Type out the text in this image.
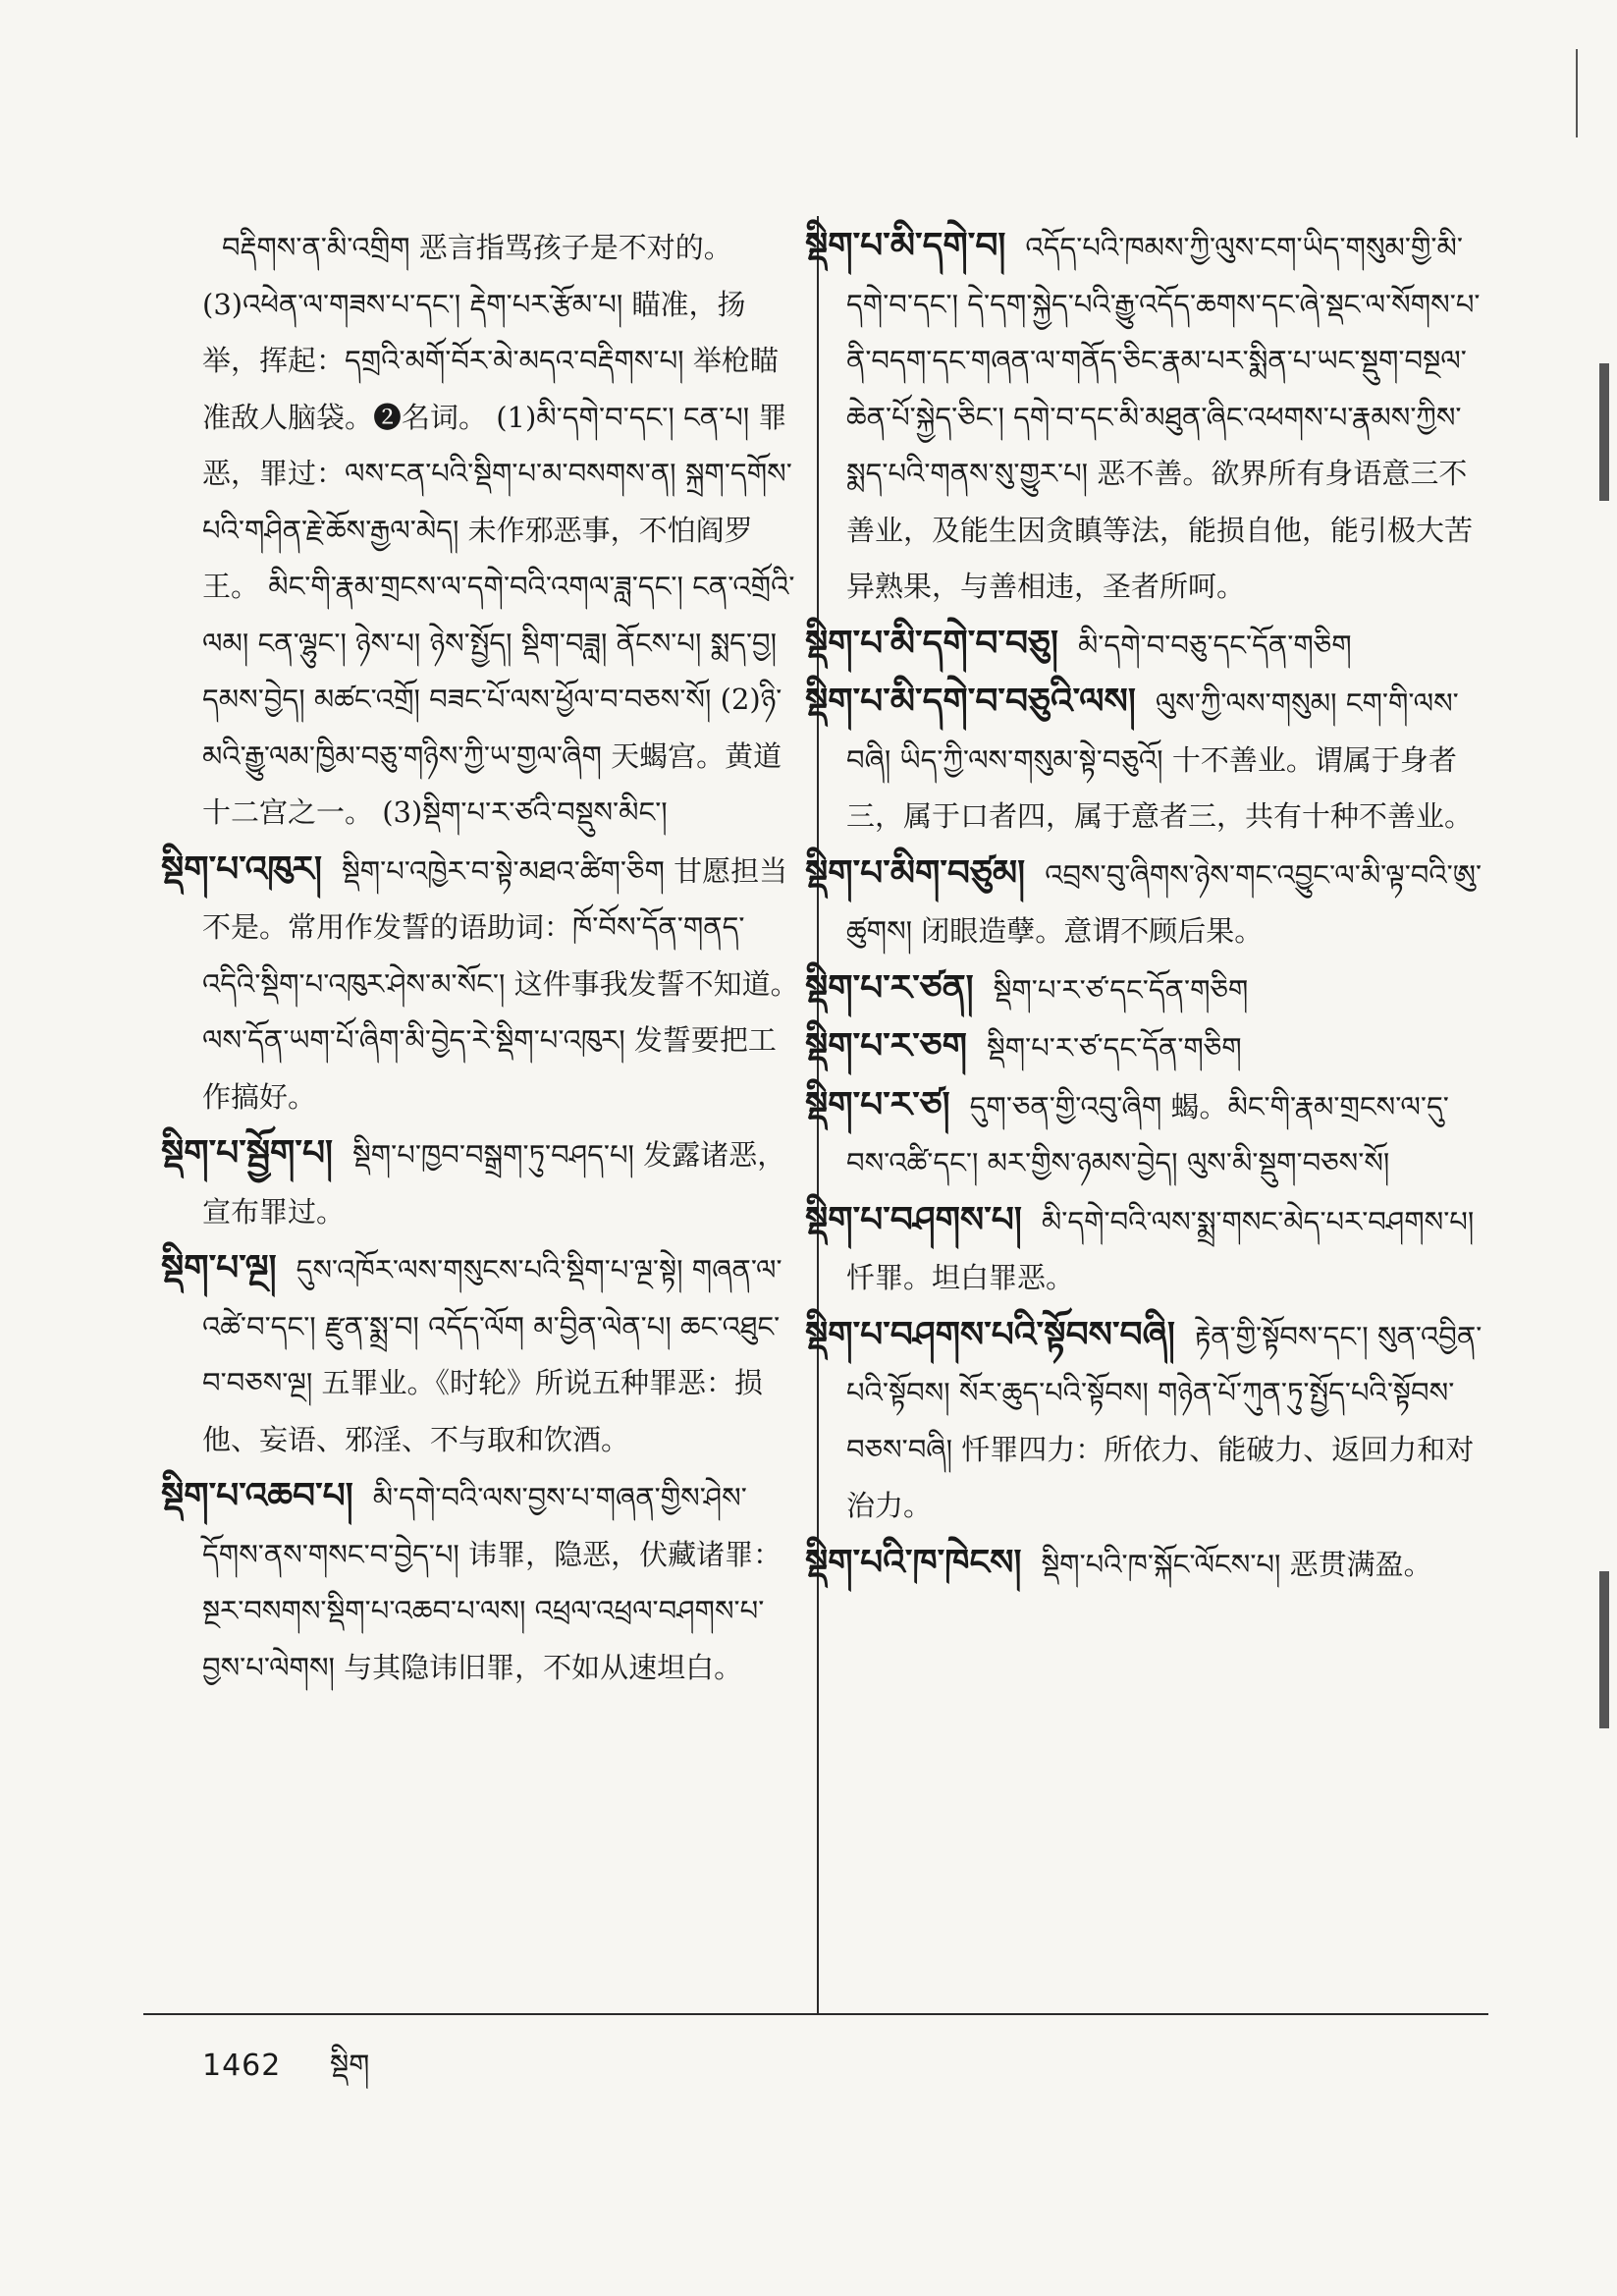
བརྡིགས་ན་མི་འགྲིག 恶言指骂孩子是不对的。 (3)འཕེན་ལ་གཟས་པ་དང་། རྡེག་པར་རྩོམ་པ། 瞄准，扬举，挥起：དགྲའི་མགོ་བོར་མེ་མདའ་བརྡིགས་པ། 举枪瞄准敌人脑袋。❷名词。 (1)མི་དགེ་བ་དང་། ངན་པ། 罪恶，罪过：ལས་ངན་པའི་སྡིག་པ་མ་བསགས་ན། སྐྲག་དགོས་པའི་གཤིན་རྗེ་ཆོས་རྒྱལ་མེད། 未作邪恶事，不怕阎罗王。 མིང་གི་རྣམ་གྲངས་ལ་དགེ་བའི་འགལ་ཟླ་དང་། ངན་འགྲོའི་ལམ། ངན་ལྷུང་། ཉེས་པ། ཉེས་སྤྱོད། སྡིག་བཟླ། ནོངས་པ། སྨད་བྱ། དམས་བྱེད། མཚང་འགྲོ། བཟང་པོ་ལས་ཕྱོལ་བ་བཅས་སོ། (2)ཉི་མའི་རྒྱུ་ལམ་ཁྱིམ་བཅུ་གཉིས་ཀྱི་ཡ་གྱལ་ཞིག 天蝎宫。黄道十二宫之一。 (3)སྡིག་པ་ར་ཙའི་བསྡུས་མིང་།

སྡིག་པ་འཁུར། སྡིག་པ་འཁྱེར་བ་སྟེ་མཐའ་ཚིག་ཅིག 甘愿担当不是。常用作发誓的语助词：ཁོ་བོས་དོན་གནད་འདིའི་སྡིག་པ་འཁུར་ཤེས་མ་སོང་། 这件事我发誓不知道。 ལས་དོན་ཡག་པོ་ཞིག་མི་བྱེད་རེ་སྡིག་པ་འཁུར། 发誓要把工作搞好。

སྡིག་པ་སྦྱོག་པ། སྡིག་པ་ཁྱབ་བསྒྲག་ཏུ་བཤད་པ། 发露诸恶，宣布罪过。

སྡིག་པ་ལྔ། དུས་འཁོར་ལས་གསུངས་པའི་སྡིག་པ་ལྔ་སྟེ། གཞན་ལ་འཚེ་བ་དང་། རྫུན་སྨྲ་བ། འདོད་ལོག མ་བྱིན་ལེན་པ། ཆང་འཐུང་བ་བཅས་ལྔ། 五罪业。《时轮》所说五种罪恶：损他、妄语、邪淫、不与取和饮酒。

སྡིག་པ་འཆབ་པ། མི་དགེ་བའི་ལས་བྱས་པ་གཞན་གྱིས་ཤེས་དོགས་ནས་གསང་བ་བྱེད་པ། 讳罪，隐恶，伏藏诸罪：སྔར་བསགས་སྡིག་པ་འཆབ་པ་ལས། འཕྲལ་འཕྲལ་བཤགས་པ་བྱས་པ་ལེགས། 与其隐讳旧罪，不如从速坦白。

སྡིག་པ་མི་དགེ་བ། འདོད་པའི་ཁམས་ཀྱི་ལུས་ངག་ཡིད་གསུམ་གྱི་མི་དགེ་བ་དང་། དེ་དག་སྐྱེད་པའི་རྒྱུ་འདོད་ཆགས་དང་ཞེ་སྡང་ལ་སོགས་པ་ནི་བདག་དང་གཞན་ལ་གནོད་ཅིང་རྣམ་པར་སྨིན་པ་ཡང་སྡུག་བསྔལ་ཆེན་པོ་སྐྱེད་ཅིང་། དགེ་བ་དང་མི་མཐུན་ཞིང་འཕགས་པ་རྣམས་ཀྱིས་སྨད་པའི་གནས་སུ་གྱུར་པ། 恶不善。欲界所有身语意三不善业，及能生因贪瞋等法，能损自他，能引极大苦异熟果，与善相违，圣者所呵。

སྡིག་པ་མི་དགེ་བ་བཅུ། མི་དགེ་བ་བཅུ་དང་དོན་གཅིག

སྡིག་པ་མི་དགེ་བ་བཅུའི་ལས། ལུས་ཀྱི་ལས་གསུམ། ངག་གི་ལས་བཞི། ཡིད་ཀྱི་ལས་གསུམ་སྟེ་བཅུའོ། 十不善业。谓属于身者三，属于口者四，属于意者三，共有十种不善业。

སྡིག་པ་མིག་བཙུམ། འབྲས་བུ་ཞིགས་ཉེས་གང་འབྱུང་ལ་མི་ལྟ་བའི་ཨུ་ཚུགས། 闭眼造孽。意谓不顾后果。

སྡིག་པ་ར་ཙན། སྡིག་པ་ར་ཙ་དང་དོན་གཅིག

སྡིག་པ་ར་ཅག སྡིག་པ་ར་ཙ་དང་དོན་གཅིག

སྡིག་པ་ར་ཙ། དུག་ཅན་གྱི་འབུ་ཞིག 蝎。མིང་གི་རྣམ་གྲངས་ལ་དུ་བས་འཚི་དང་། མར་གྱིས་ཉམས་བྱེད། ལུས་མི་སྡུག་བཅས་སོ།

སྡིག་པ་བཤགས་པ། མི་དགེ་བའི་ལས་སྨྲ་གསང་མེད་པར་བཤགས་པ། 忏罪。坦白罪恶。

སྡིག་པ་བཤགས་པའི་སྟོབས་བཞི། རྟེན་གྱི་སྟོབས་དང་། སུན་འབྱིན་པའི་སྟོབས། སོར་ཆུད་པའི་སྟོབས། གཉེན་པོ་ཀུན་ཏུ་སྤྱོད་པའི་སྟོབས་བཅས་བཞི། 忏罪四力：所依力、能破力、返回力和对治力。

སྡིག་པའི་ཁ་ཁེངས། སྡིག་པའི་ཁ་སྐོང་ལོངས་པ། 恶贯满盈。

1462 སྡིག
